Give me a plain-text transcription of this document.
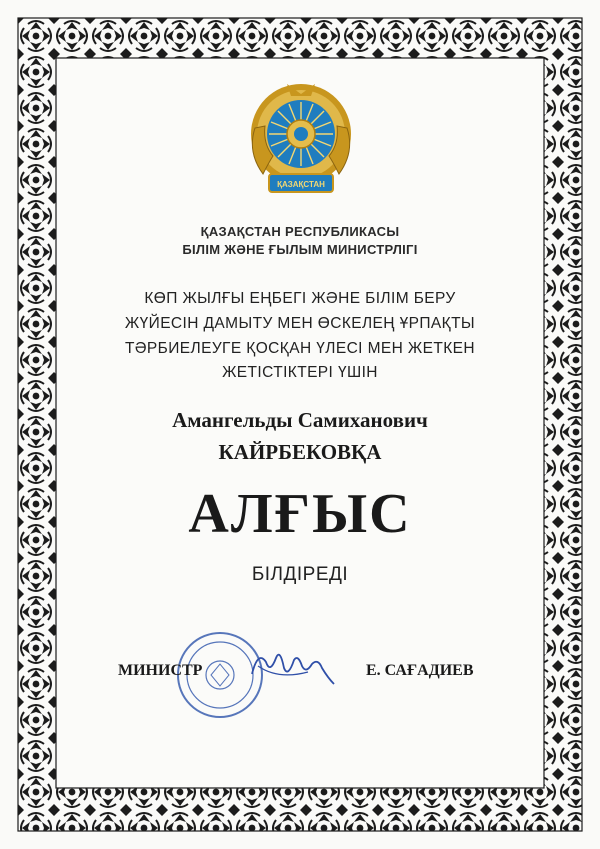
ҚАЗАҚСТАН
ҚАЗАҚСТАН РЕСПУБЛИКАСЫ
БІЛІМ ЖӘНЕ ҒЫЛЫМ МИНИСТРЛІГІ
КӨП ЖЫЛҒЫ ЕҢБЕГІ ЖӘНЕ БІЛІМ БЕРУ
ЖҮЙЕСІН ДАМЫТУ МЕН ӨСКЕЛЕҢ ҰРПАҚТЫ
ТӘРБИЕЛЕУГЕ ҚОСҚАН ҮЛЕСІ МЕН ЖЕТКЕН
ЖЕТІСТІКТЕРІ ҮШІН
Амангельды Самиханович
КАЙРБЕКОВҚА
АЛҒЫС
БІЛДІРЕДІ
МИНИСТР	Е. САҒАДИЕВ
